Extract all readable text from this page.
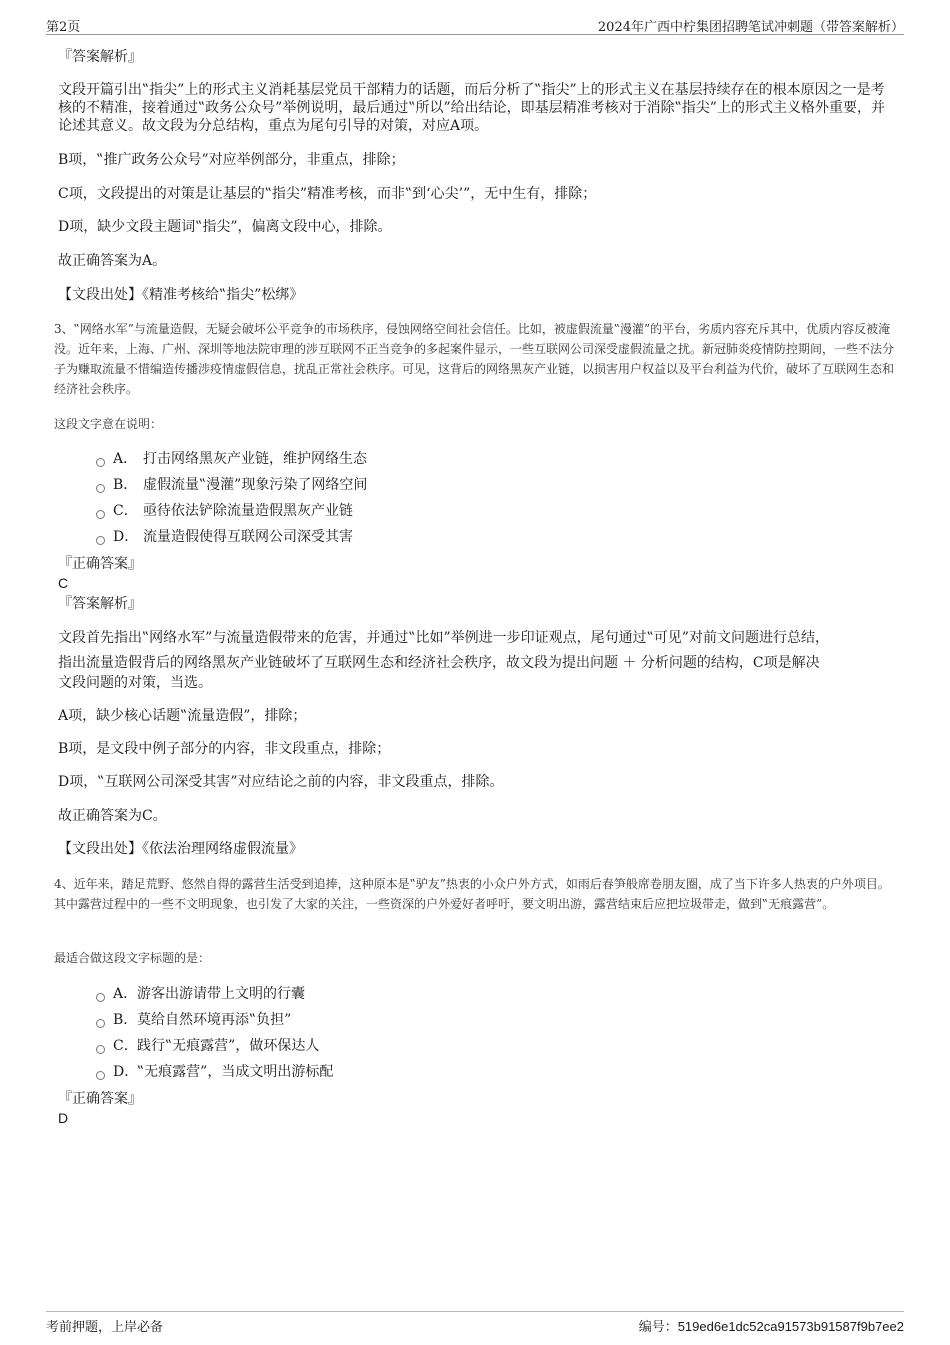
第2页	2024年广西中柠集团招聘笔试冲刺题（带答案解析）
『答案解析』
文段开篇引出‟指尖”上的形式主义消耗基层党员干部精力的话题，而后分析了‟指尖”上的形式主义在基层持续存在的根本原因之一是考核的不精准，接着通过‟政务公众号”举例说明，最后通过‟所以”给出结论，即基层精准考核对于消除‟指尖”上的形式主义格外重要，并论述其意义。故文段为分总结构，重点为尾句引导的对策，对应A项。
B项，‟推广政务公众号”对应举例部分，非重点，排除；
C项，文段提出的对策是让基层的‟指尖”精准考核，而非‟到‘心尖’”，无中生有，排除；
D项，缺少文段主题词‟指尖”，偏离文段中心，排除。
故正确答案为A。
【文段出处】《精准考核给‟指尖”松绑》
3、‟网络水军”与流量造假，无疑会破坏公平竞争的市场秩序，侵蚀网络空间社会信任。比如，被虚假流量‟漫灌”的平台，劣质内容充斥其中，优质内容反被淹没。近年来，上海、广州、深圳等地法院审理的涉互联网不正当竞争的多起案件显示，一些互联网公司深受虚假流量之扰。新冠肺炎疫情防控期间，一些不法分子为赚取流量不惜编造传播涉疫情虚假信息，扰乱正常社会秩序。可见，这背后的网络黑灰产业链，以损害用户权益以及平台利益为代价，破坏了互联网生态和经济社会秩序。
这段文字意在说明：
A． 打击网络黑灰产业链，维护网络生态
B． 虚假流量‟漫灌”现象污染了网络空间
C． 亟待依法铲除流量造假黑灰产业链
D． 流量造假使得互联网公司深受其害
『正确答案』
C
『答案解析』
文段首先指出‟网络水军”与流量造假带来的危害，并通过‟比如”举例进一步印证观点，尾句通过‟可见”对前文问题进行总结，
指出流量造假背后的网络黑灰产业链破坏了互联网生态和经济社会秩序，故文段为提出问题 ＋ 分析问题的结构，C项是解决
文段问题的对策，当选。
A项，缺少核心话题‟流量造假”，排除；
B项，是文段中例子部分的内容，非文段重点，排除；
D项，‟互联网公司深受其害”对应结论之前的内容，非文段重点，排除。
故正确答案为C。
【文段出处】《依法治理网络虚假流量》
4、近年来，踏足荒野、悠然自得的露营生活受到追捧，这种原本是‟驴友”热衷的小众户外方式，如雨后春笋般席卷朋友圈，成了当下许多人热衷的户外项目。其中露营过程中的一些不文明现象，也引发了大家的关注，一些资深的户外爱好者呼吁，要文明出游，露营结束后应把垃圾带走，做到‟无痕露营”。
最适合做这段文字标题的是：
A． 游客出游请带上文明的行囊
B． 莫给自然环境再添‟负担”
C． 践行‟无痕露营”，做环保达人
D．
‟无痕露营”，当成文明出游标配
『正确答案』
D
考前押题，上岸必备	编号：519ed6e1dc52ca91573b91587f9b7ee2
